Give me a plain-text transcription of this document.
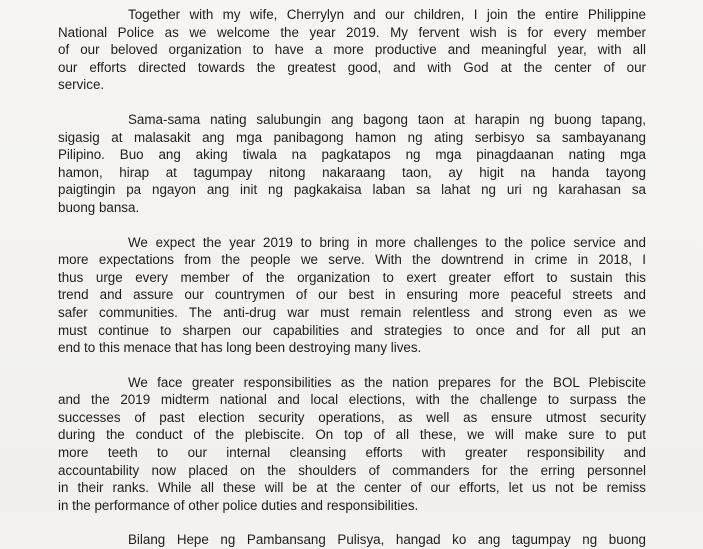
Together with my wife, Cherrylyn and our children, I join the entire Philippine
National Police as we welcome the year 2019. My fervent wish is for every member
of our beloved organization to have a more productive and meaningful year, with all
our efforts directed towards the greatest good, and with God at the center of our
service.

Sama-sama nating salubungin ang bagong taon at harapin ng buong tapang,
sigasig at malasakit ang mga panibagong hamon ng ating serbisyo sa sambayanang
Pilipino. Buo ang aking tiwala na pagkatapos ng mga pinagdaanan nating mga
hamon, hirap at tagumpay nitong nakaraang taon, ay higit na handa tayong
paigtingin pa ngayon ang init ng pagkakaisa laban sa lahat ng uri ng karahasan sa
buong bansa.

We expect the year 2019 to bring in more challenges to the police service and
more expectations from the people we serve. With the downtrend in crime in 2018, I
thus urge every member of the organization to exert greater effort to sustain this
trend and assure our countrymen of our best in ensuring more peaceful streets and
safer communities. The anti-drug war must remain relentless and strong even as we
must continue to sharpen our capabilities and strategies to once and for all put an
end to this menace that has long been destroying many lives.

We face greater responsibilities as the nation prepares for the BOL Plebiscite
and the 2019 midterm national and local elections, with the challenge to surpass the
successes of past election security operations, as well as ensure utmost security
during the conduct of the plebiscite. On top of all these, we will make sure to put
more teeth to our internal cleansing efforts with greater responsibility and
accountability now placed on the shoulders of commanders for the erring personnel
in their ranks. While all these will be at the center of our efforts, let us not be remiss
in the performance of other police duties and responsibilities.

Bilang Hepe ng Pambansang Pulisya, hangad ko ang tagumpay ng buong
